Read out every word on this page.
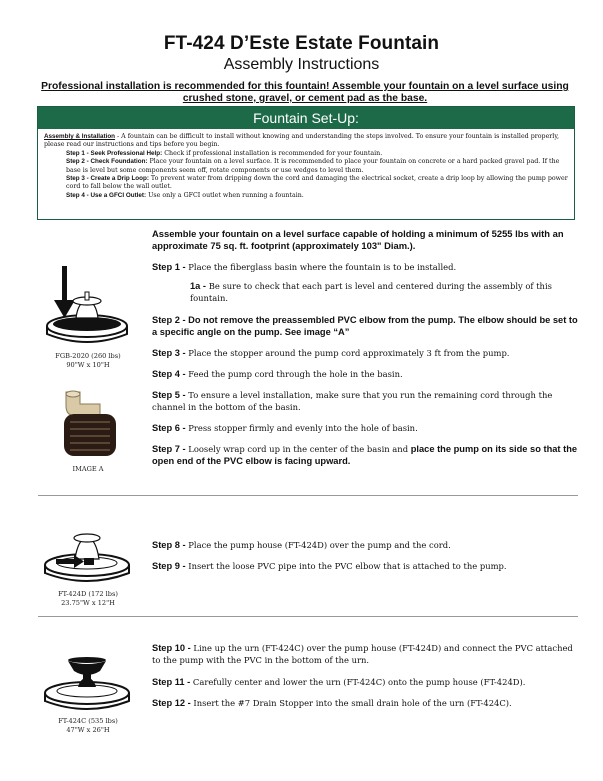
FT-424 D’Este Estate Fountain
Assembly Instructions
Professional installation is recommended for this fountain! Assemble your fountain on a level surface using crushed stone, gravel, or cement pad as the base.
Fountain Set-Up:
Assembly & Installation - A fountain can be difficult to install without knowing and understanding the steps involved. To ensure your fountain is installed properly, please read our instructions and tips before you begin.
Step 1 - Seek Professional Help: Check if professional installation is recommended for your fountain.
Step 2 - Check Foundation: Place your fountain on a level surface. It is recommended to place your fountain on concrete or a hard packed gravel pad. If the base is level but some components seem off, rotate components or use wedges to level them.
Step 3 - Create a Drip Loop: To prevent water from dripping down the cord and damaging the electrical socket, create a drip loop by allowing the pump power cord to fall below the wall outlet.
Step 4 - Use a GFCI Outlet: Use only a GFCI outlet when running a fountain.
Assemble your fountain on a level surface capable of holding a minimum of 5255 lbs with an approximate 75 sq. ft. footprint (approximately 103" Diam.).
Step 1 - Place the fiberglass basin where the fountain is to be installed.
1a - Be sure to check that each part is level and centered during the assembly of this fountain.
Step 2 - Do not remove the preassembled PVC elbow from the pump. The elbow should be set to a specific angle on the pump. See image “A”
Step 3 - Place the stopper around the pump cord approximately 3 ft from the pump.
Step 4 - Feed the pump cord through the hole in the basin.
Step 5 - To ensure a level installation, make sure that you run the remaining cord through the channel in the bottom of the basin.
Step 6 - Press stopper firmly and evenly into the hole of basin.
Step 7 - Loosely wrap cord up in the center of the basin and place the pump on its side so that the open end of the PVC elbow is facing upward.
Step 8 - Place the pump house (FT-424D) over the pump and the cord.
Step 9 - Insert the loose PVC pipe into the PVC elbow that is attached to the pump.
Step 10 - Line up the urn (FT-424C) over the pump house (FT-424D) and connect the PVC attached to the pump with the PVC in the bottom of the urn.
Step 11 - Carefully center and lower the urn (FT-424C) onto the pump house (FT-424D).
Step 12 - Insert the #7 Drain Stopper into the small drain hole of the urn (FT-424C).
FGB-2020 (260 lbs)
90"W x 10"H
IMAGE A
FT-424D (172 lbs)
23.75"W x 12"H
FT-424C (535 lbs)
47"W x 26"H
